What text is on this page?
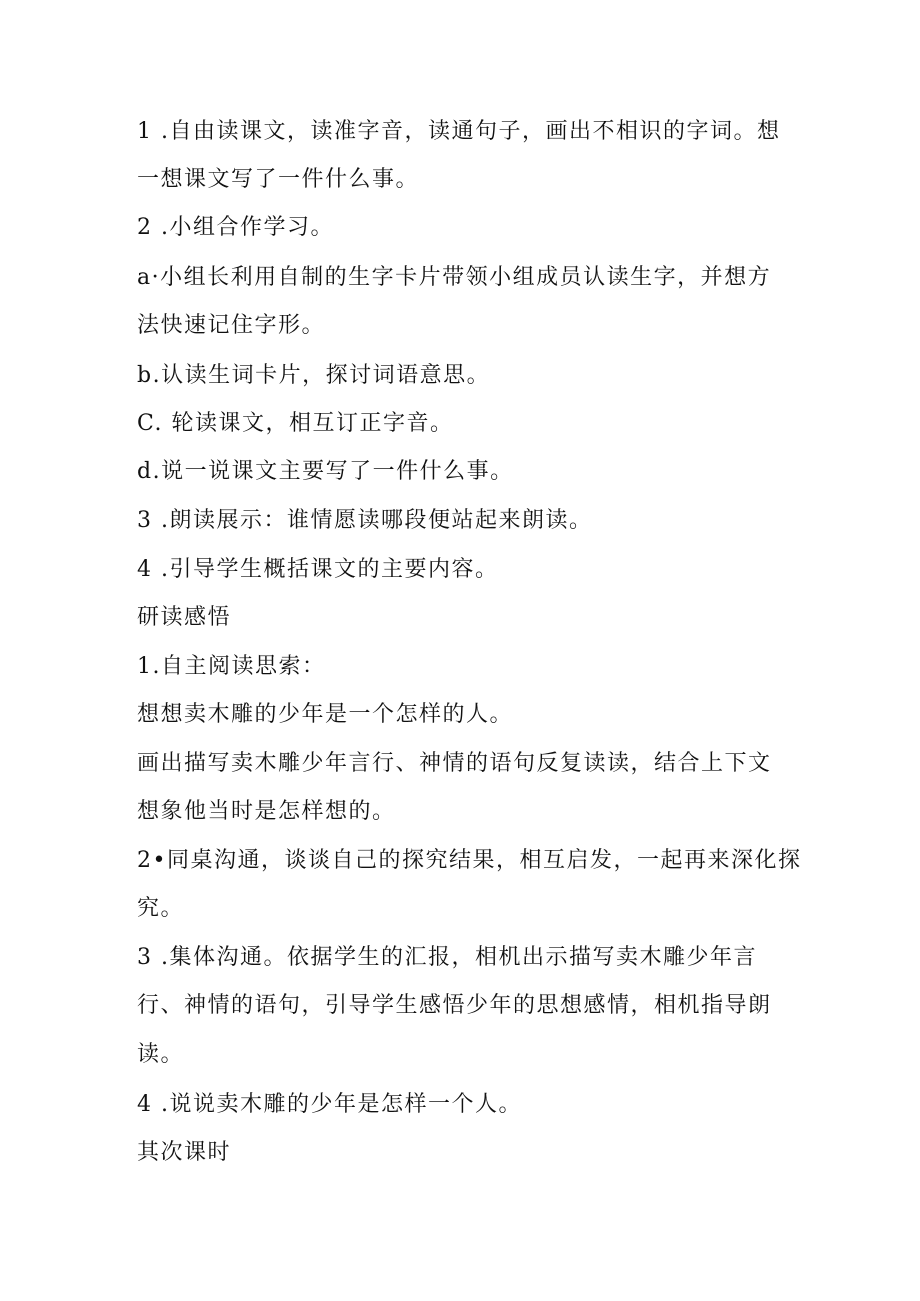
1 .自由读课文，读准字音，读通句子，画出不相识的字词。想
一想课文写了一件什么事。
2 .小组合作学习。
a·小组长利用自制的生字卡片带领小组成员认读生字，并想方
法快速记住字形。
b.认读生词卡片，探讨词语意思。
C. 轮读课文，相互订正字音。
d.说一说课文主要写了一件什么事。
3 .朗读展示：谁情愿读哪段便站起来朗读。
4 .引导学生概括课文的主要内容。
研读感悟
1.自主阅读思索：
想想卖木雕的少年是一个怎样的人。
画出描写卖木雕少年言行、神情的语句反复读读，结合上下文
想象他当时是怎样想的。
2•同桌沟通，谈谈自己的探究结果，相互启发，一起再来深化探
究。
3 .集体沟通。依据学生的汇报，相机出示描写卖木雕少年言
行、神情的语句，引导学生感悟少年的思想感情，相机指导朗
读。
4 .说说卖木雕的少年是怎样一个人。
其次课时
